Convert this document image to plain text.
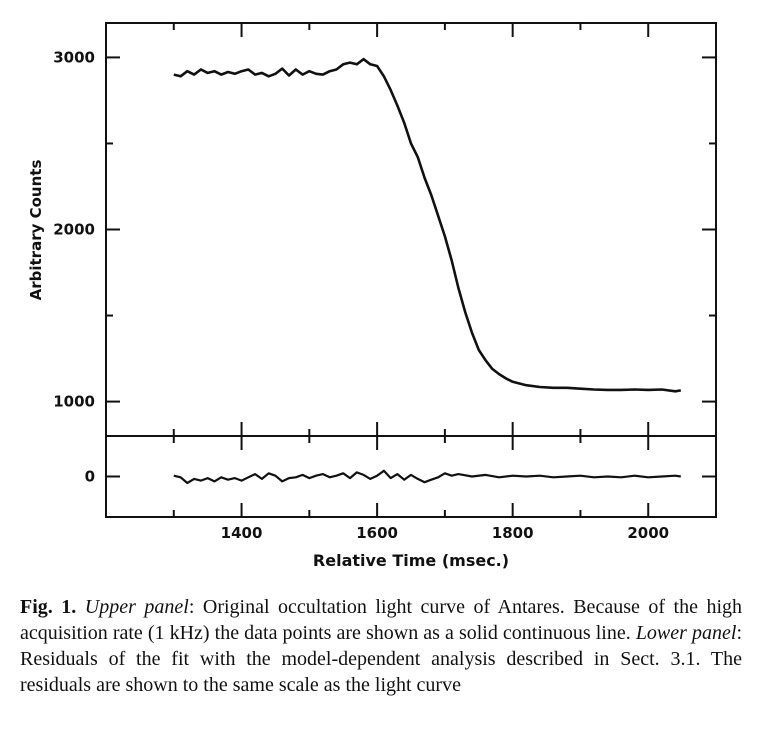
1400	1600	1800	2000
1000
2000
3000
0
Relative Time (msec.)
Arbitrary Counts
Fig. 1. Upper panel: Original occultation light curve of Antares. Because of the high acquisition rate (1 kHz) the data points are shown as a solid continuous line. Lower panel: Residuals of the fit with the model-dependent analysis described in Sect. 3.1. The residuals are shown to the same scale as the light curve
